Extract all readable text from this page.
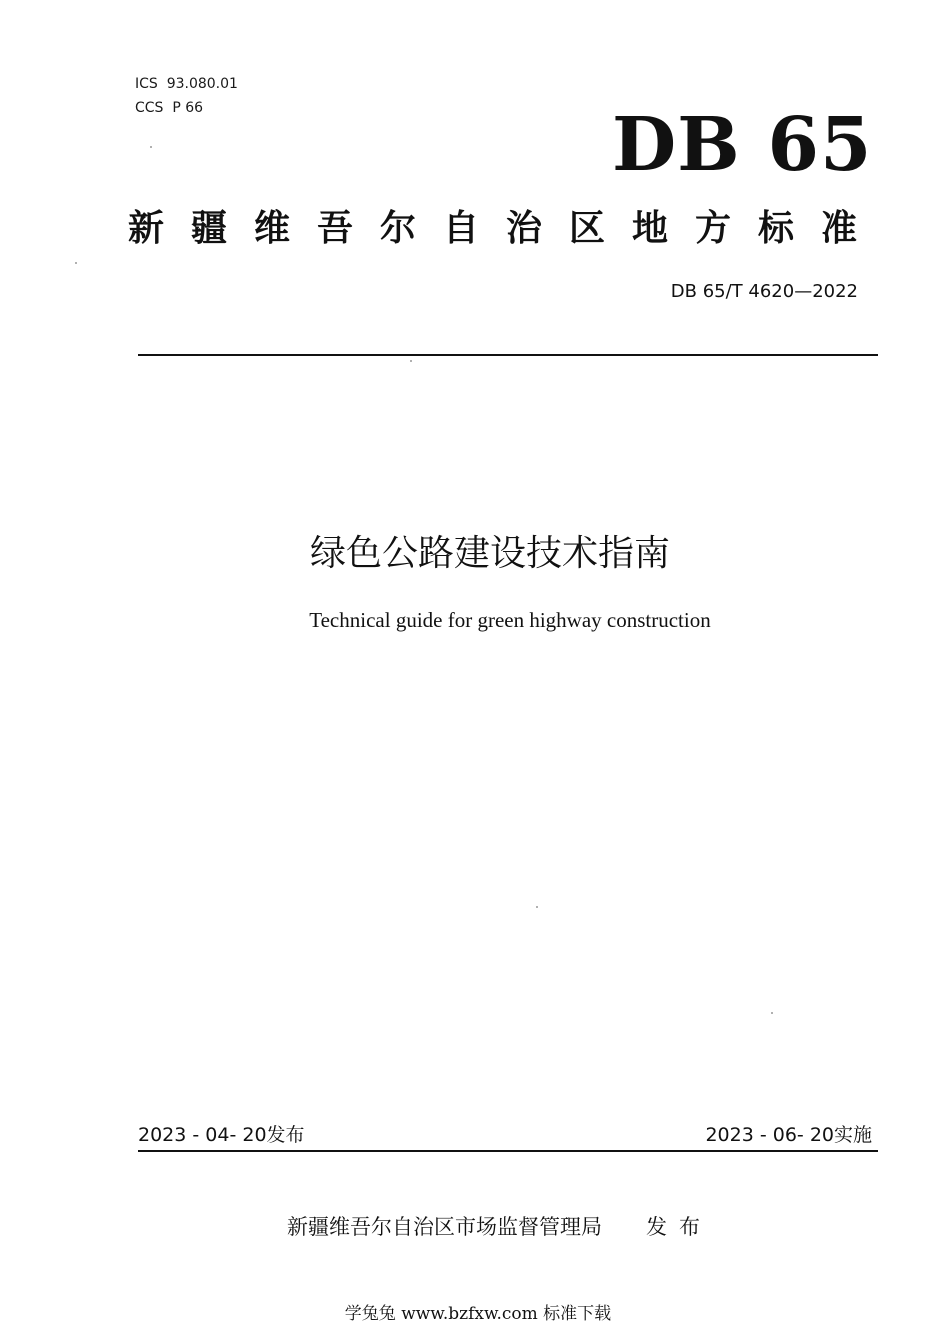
ICS  93.080.01
CCS  P 66	DB 65
新疆维吾尔自治区地方标准
DB 65/T 4620—2022
绿色公路建设技术指南
Technical guide for green highway construction
2023 - 04- 20发布	2023 - 06- 20实施
新疆维吾尔自治区市场监督管理局 发布
学兔兔 www.bzfxw.com 标准下载
